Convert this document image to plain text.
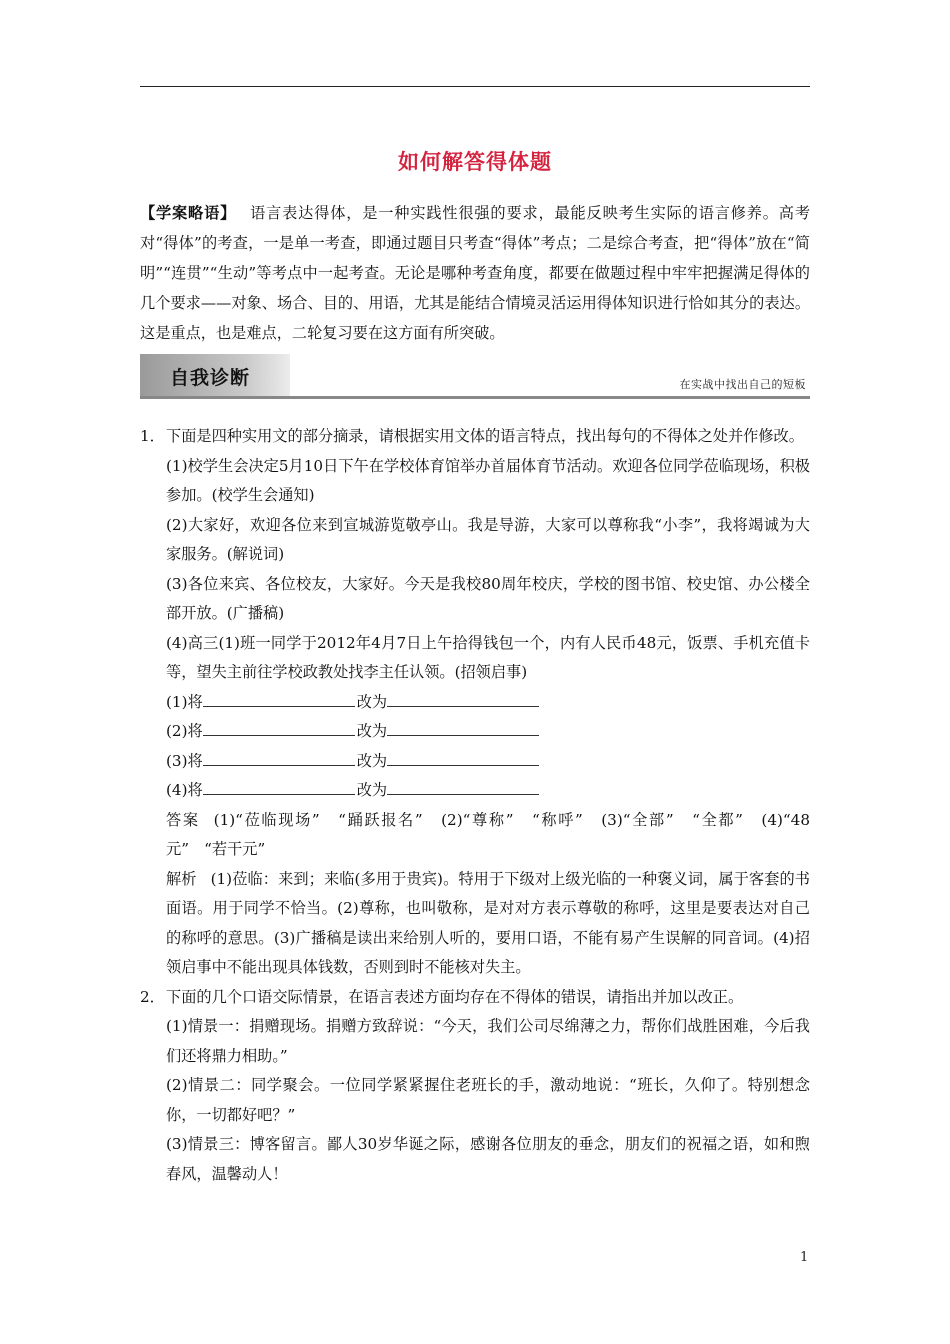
如何解答得体题
【学案略语】 语言表达得体，是一种实践性很强的要求，最能反映考生实际的语言修养。高考对“得体”的考查，一是单一考查，即通过题目只考查“得体”考点；二是综合考查，把“得体”放在“简明”“连贯”“生动”等考点中一起考查。无论是哪种考查角度，都要在做题过程中牢牢把握满足得体的几个要求——对象、场合、目的、用语，尤其是能结合情境灵活运用得体知识进行恰如其分的表达。这是重点，也是难点，二轮复习要在这方面有所突破。
自我诊断	在实战中找出自己的短板
1． 下面是四种实用文的部分摘录，请根据实用文体的语言特点，找出每句的不得体之处并作修改。
(1)校学生会决定5月10日下午在学校体育馆举办首届体育节活动。欢迎各位同学莅临现场，积极参加。(校学生会通知)
(2)大家好，欢迎各位来到宣城游览敬亭山。我是导游，大家可以尊称我“小李”，我将竭诚为大家服务。(解说词)
(3)各位来宾、各位校友，大家好。今天是我校80周年校庆，学校的图书馆、校史馆、办公楼全部开放。(广播稿)
(4)高三(1)班一同学于2012年4月7日上午拾得钱包一个，内有人民币48元，饭票、手机充值卡等，望失主前往学校政教处找李主任认领。(招领启事)
(1)将	改为
(2)将	改为
(3)将	改为
(4)将	改为
答案 (1)“莅临现场”　“踊跃报名”　(2)“尊称”　“称呼”　(3)“全部”　“全都”　(4)“48元”　“若干元”
解析 (1)莅临：来到；来临(多用于贵宾)。特用于下级对上级光临的一种褒义词，属于客套的书面语。用于同学不恰当。(2)尊称，也叫敬称，是对对方表示尊敬的称呼，这里是要表达对自己的称呼的意思。(3)广播稿是读出来给别人听的，要用口语，不能有易产生误解的同音词。(4)招领启事中不能出现具体钱数，否则到时不能核对失主。
2． 下面的几个口语交际情景，在语言表述方面均存在不得体的错误，请指出并加以改正。
(1)情景一：捐赠现场。捐赠方致辞说：“今天，我们公司尽绵薄之力，帮你们战胜困难，今后我们还将鼎力相助。”
(2)情景二：同学聚会。一位同学紧紧握住老班长的手，激动地说：“班长，久仰了。特别想念你，一切都好吧？”
(3)情景三：博客留言。鄙人30岁华诞之际，感谢各位朋友的垂念，朋友们的祝福之语，如和煦春风，温馨动人！
1
